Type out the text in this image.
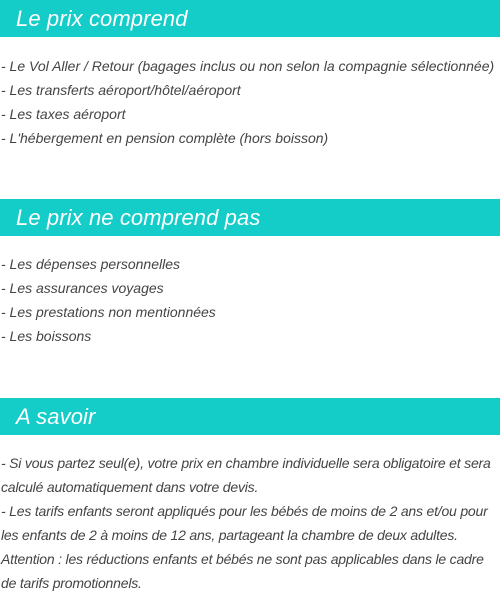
Le prix comprend
- Le Vol Aller / Retour (bagages inclus ou non selon la compagnie sélectionnée)
- Les transferts aéroport/hôtel/aéroport
- Les taxes aéroport
- L'hébergement en pension complète (hors boisson)
Le prix ne comprend pas
- Les dépenses personnelles
- Les assurances voyages
- Les prestations non mentionnées
- Les boissons
A savoir

- Si vous partez seul(e), votre prix en chambre individuelle sera obligatoire et sera calculé automatiquement dans votre devis.

- Les tarifs enfants seront appliqués pour les bébés de moins de 2 ans et/ou pour les enfants de 2 à moins de 12 ans, partageant la chambre de deux adultes.

Attention : les réductions enfants et bébés ne sont pas applicables dans le cadre de tarifs promotionnels.
